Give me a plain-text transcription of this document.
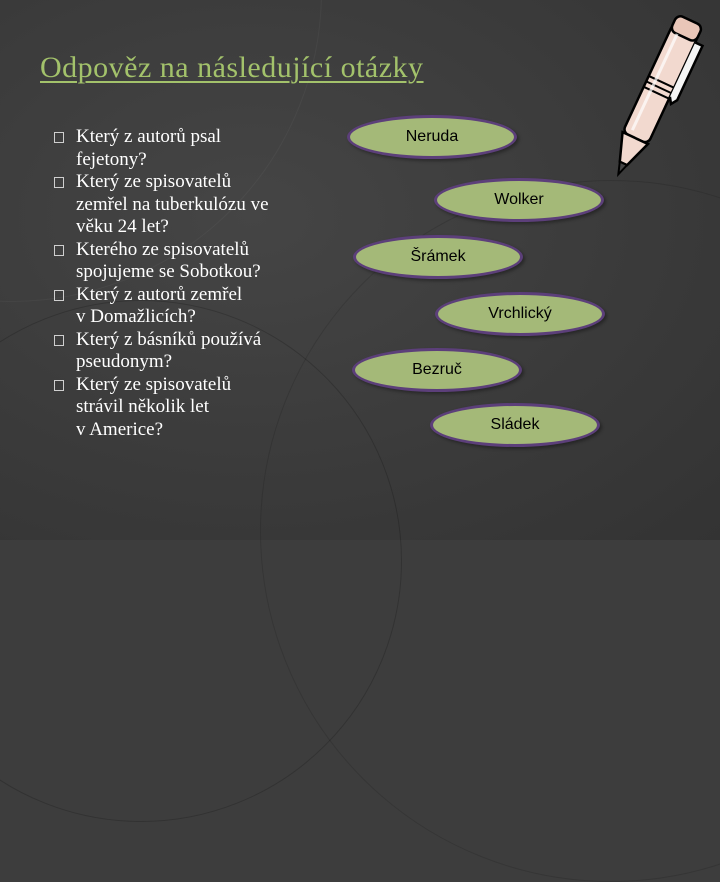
Odpověz na následující otázky
Který z autorů psal
fejetony?
Který ze spisovatelů
zemřel na tuberkulózu ve
věku 24 let?
Kterého ze spisovatelů
spojujeme se Sobotkou?
Který z autorů zemřel
v Domažlicích?
Který z básníků používá
pseudonym?
Který ze spisovatelů
strávil několik let
v Americe?
Neruda
Wolker
Šrámek
Vrchlický
Bezruč
Sládek
